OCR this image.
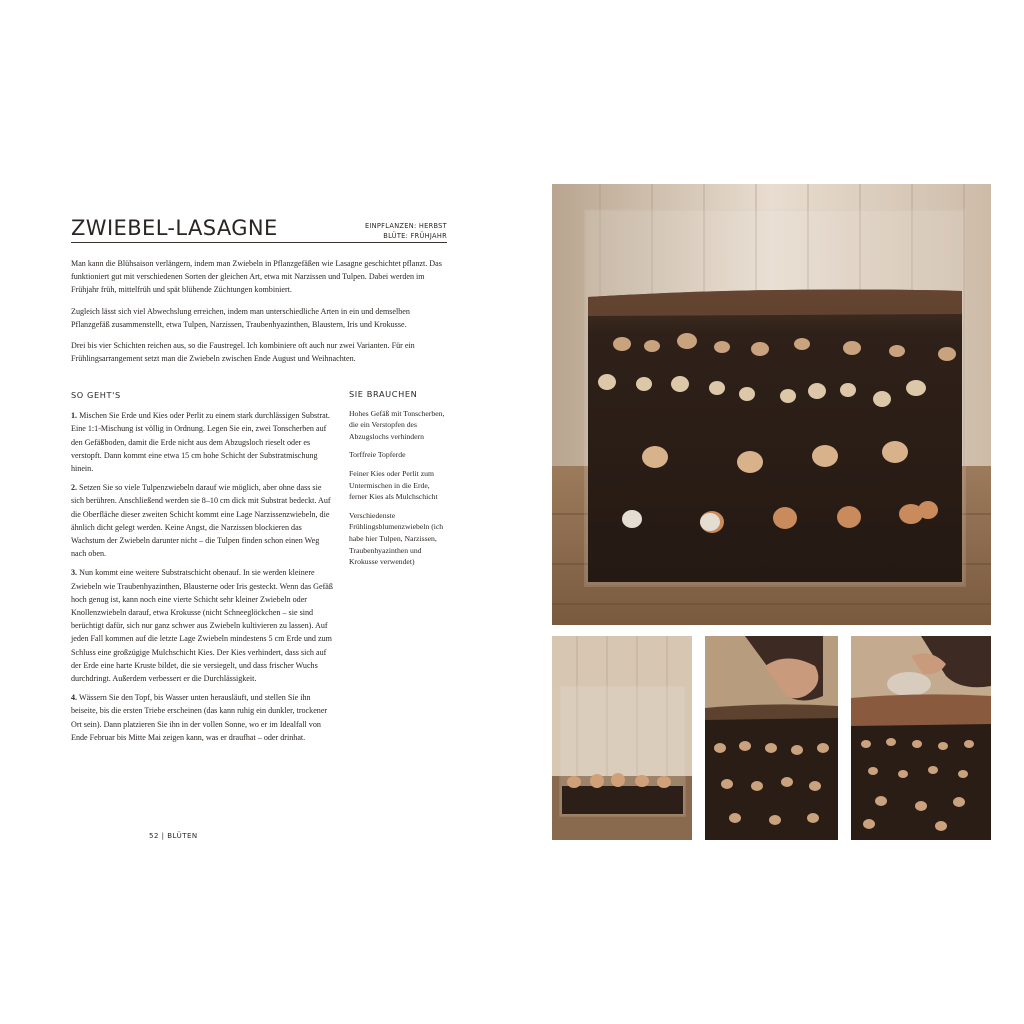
ZWIEBEL-LASAGNE	EINPFLANZEN: HERBST
BLÜTE: FRÜHJAHR

Man kann die Blühsaison verlängern, indem man Zwiebeln in Pflanzgefäßen wie Lasagne geschichtet pflanzt. Das funktioniert gut mit verschiedenen Sorten der gleichen Art, etwa mit Narzissen und Tulpen. Dabei werden im Frühjahr früh, mittelfrüh und spät blühende Züchtungen kombiniert.

Zugleich lässt sich viel Abwechslung erreichen, indem man unterschiedliche Arten in ein und demselben Pflanzgefäß zusammenstellt, etwa Tulpen, Narzissen, Traubenhyazinthen, Blaustern, Iris und Krokusse.

Drei bis vier Schichten reichen aus, so die Faustregel. Ich kombiniere oft auch nur zwei Varianten. Für ein Frühlingsarrangement setzt man die Zwiebeln zwischen Ende August und Weihnachten.

SO GEHT'S

1. Mischen Sie Erde und Kies oder Perlit zu einem stark durchlässigen Substrat. Eine 1:1-Mischung ist völlig in Ordnung. Legen Sie ein, zwei Tonscherben auf den Gefäßboden, damit die Erde nicht aus dem Abzugsloch rieselt oder es verstopft. Dann kommt eine etwa 15 cm hohe Schicht der Substratmischung hinein.

2. Setzen Sie so viele Tulpenzwiebeln darauf wie möglich, aber ohne dass sie sich berühren. Anschließend werden sie 8–10 cm dick mit Substrat bedeckt. Auf die Oberfläche dieser zweiten Schicht kommt eine Lage Narzissenzwiebeln, die ähnlich dicht gelegt werden. Keine Angst, die Narzissen blockieren das Wachstum der Zwiebeln darunter nicht – die Tulpen finden schon einen Weg nach oben.

3. Nun kommt eine weitere Substratschicht obenauf. In sie werden kleinere Zwiebeln wie Traubenhyazinthen, Blausterne oder Iris gesteckt. Wenn das Gefäß hoch genug ist, kann noch eine vierte Schicht sehr kleiner Zwiebeln oder Knollenzwiebeln darauf, etwa Krokusse (nicht Schneeglöckchen – sie sind berüchtigt dafür, sich nur ganz schwer aus Zwiebeln kultivieren zu lassen). Auf jeden Fall kommen auf die letzte Lage Zwiebeln mindestens 5 cm Erde und zum Schluss eine großzügige Mulchschicht Kies. Der Kies verhindert, dass sich auf der Erde eine harte Kruste bildet, die sie versiegelt, und dass frischer Wuchs durchdringt. Außerdem verbessert er die Durchlässigkeit.

4. Wässern Sie den Topf, bis Wasser unten herausläuft, und stellen Sie ihn beiseite, bis die ersten Triebe erscheinen (das kann ruhig ein dunkler, trockener Ort sein). Dann platzieren Sie ihn in der vollen Sonne, wo er im Idealfall von Ende Februar bis Mitte Mai zeigen kann, was er draufhat – oder drinhat.

SIE BRAUCHEN

Hohes Gefäß mit Tonscherben, die ein Verstopfen des Abzugslochs verhindern

Torffreie Topferde

Feiner Kies oder Perlit zum Untermischen in die Erde, ferner Kies als Mulchschicht

Verschiedenste Frühlingsblumenzwiebeln (ich habe hier Tulpen, Narzissen, Traubenhyazinthen und Krokusse verwendet)

52 | BLÜTEN
